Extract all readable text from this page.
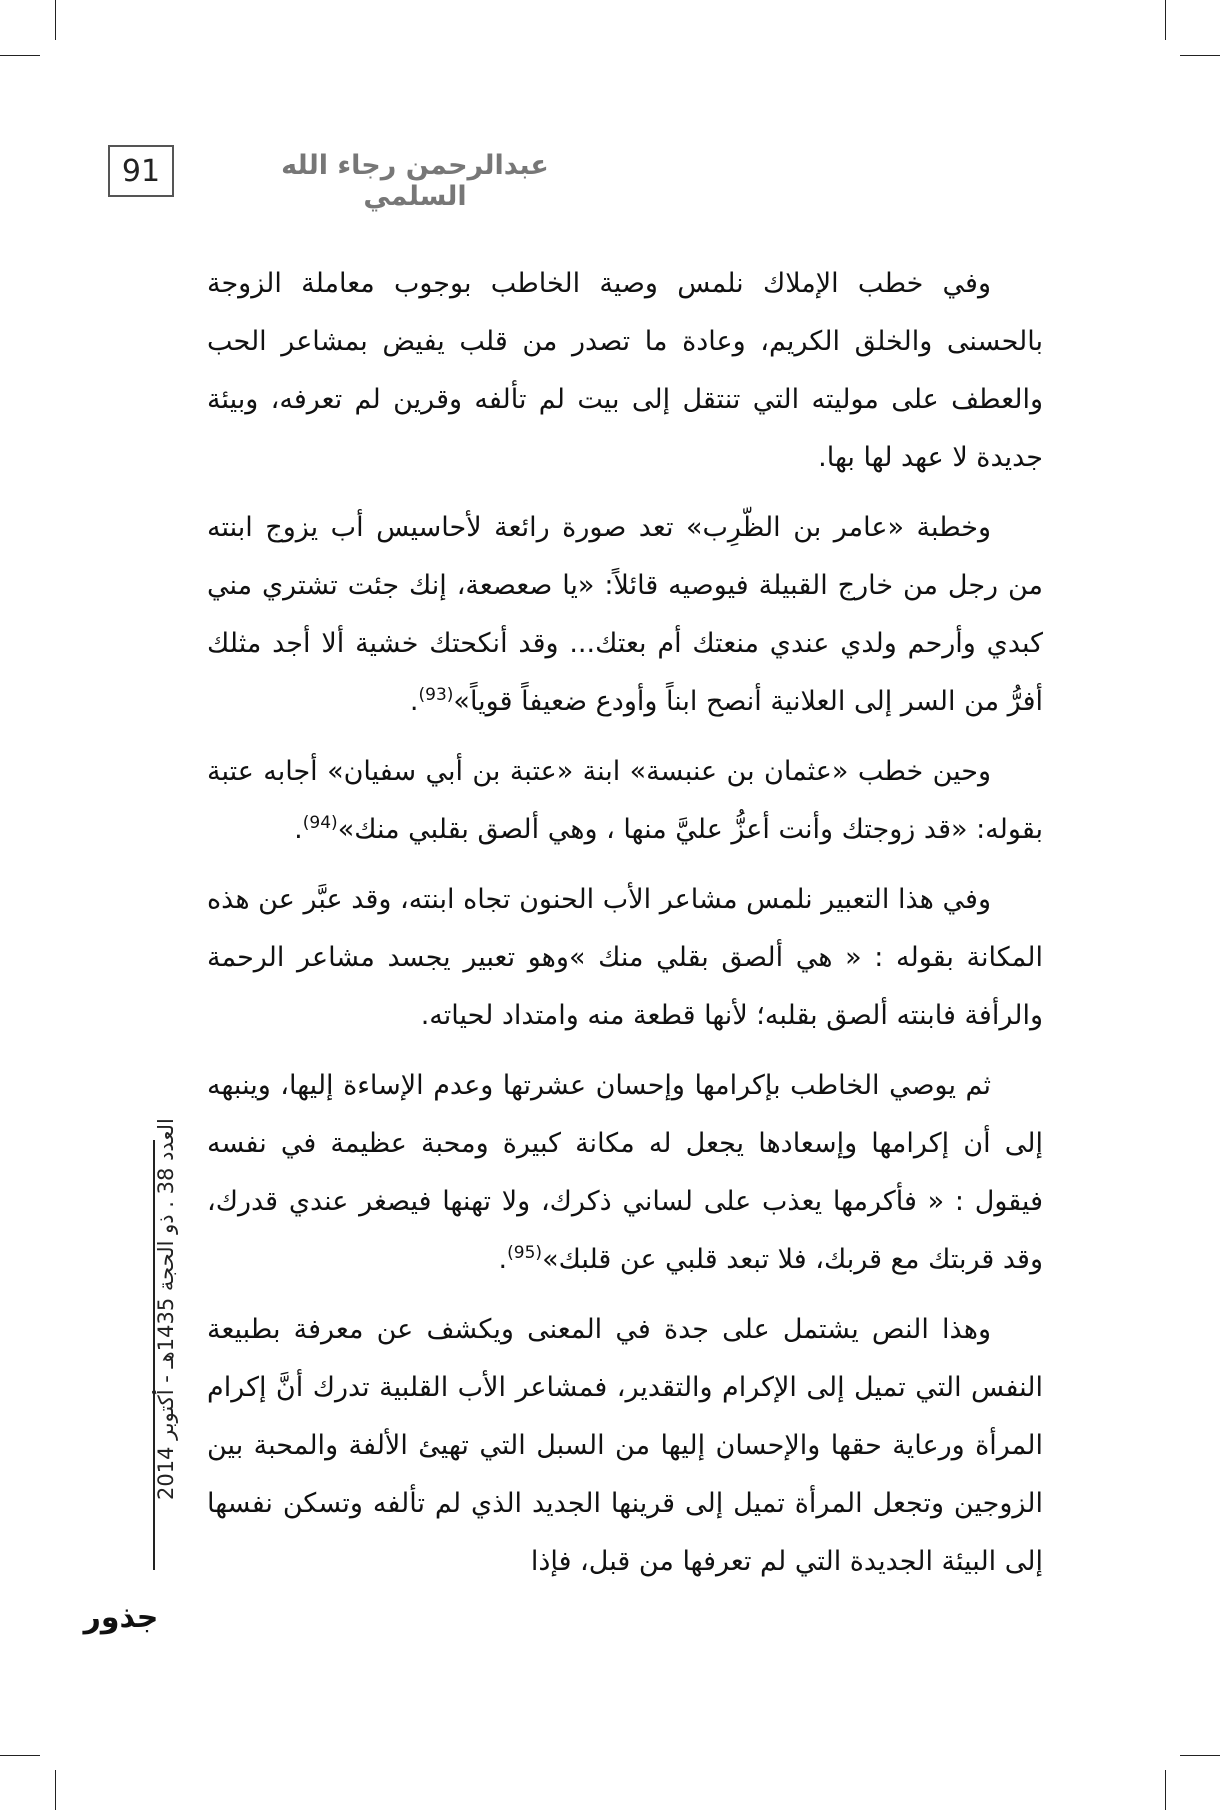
91	عبدالرحمن رجاء الله السلمي

وفي خطب الإملاك نلمس وصية الخاطب بوجوب معاملة الزوجة بالحسنى والخلق الكريم، وعادة ما تصدر من قلب يفيض بمشاعر الحب والعطف على موليته التي تنتقل إلى بيت لم تألفه وقرين لم تعرفه، وبيئة جديدة لا عهد لها بها.

وخطبة «عامر بن الظّرِب» تعد صورة رائعة لأحاسيس أب يزوج ابنته من رجل من خارج القبيلة فيوصيه قائلاً: «يا صعصعة، إنك جئت تشتري مني كبدي وأرحم ولدي عندي منعتك أم بعتك... وقد أنكحتك خشية ألا أجد مثلك أفرُّ من السر إلى العلانية أنصح ابناً وأودع ضعيفاً قوياً»$^{(93)}$.

وحين خطب «عثمان بن عنبسة» ابنة «عتبة بن أبي سفيان» أجابه عتبة بقوله: «قد زوجتك وأنت أعزُّ عليَّ منها ، وهي ألصق بقلبي منك»$^{(94)}$.

وفي هذا التعبير نلمس مشاعر الأب الحنون تجاه ابنته، وقد عبَّر عن هذه المكانة بقوله : « هي ألصق بقلي منك »وهو تعبير يجسد مشاعر الرحمة والرأفة فابنته ألصق بقلبه؛ لأنها قطعة منه وامتداد لحياته.

ثم يوصي الخاطب بإكرامها وإحسان عشرتها وعدم الإساءة إليها، وينبهه إلى أن إكرامها وإسعادها يجعل له مكانة كبيرة ومحبة عظيمة في نفسه فيقول : « فأكرمها يعذب على لساني ذكرك، ولا تهنها فيصغر عندي قدرك، وقد قربتك مع قربك، فلا تبعد قلبي عن قلبك»$^{(95)}$.

وهذا النص يشتمل على جدة في المعنى ويكشف عن معرفة بطبيعة النفس التي تميل إلى الإكرام والتقدير، فمشاعر الأب القلبية تدرك أنَّ إكرام المرأة ورعاية حقها والإحسان إليها من السبل التي تهيئ الألفة والمحبة بين الزوجين وتجعل المرأة تميل إلى قرينها الجديد الذي لم تألفه وتسكن نفسها إلى البيئة الجديدة التي لم تعرفها من قبل، فإذا

العدد 38 . ذو الحجة 1435هـ - أكتوبر 2014
جذور
